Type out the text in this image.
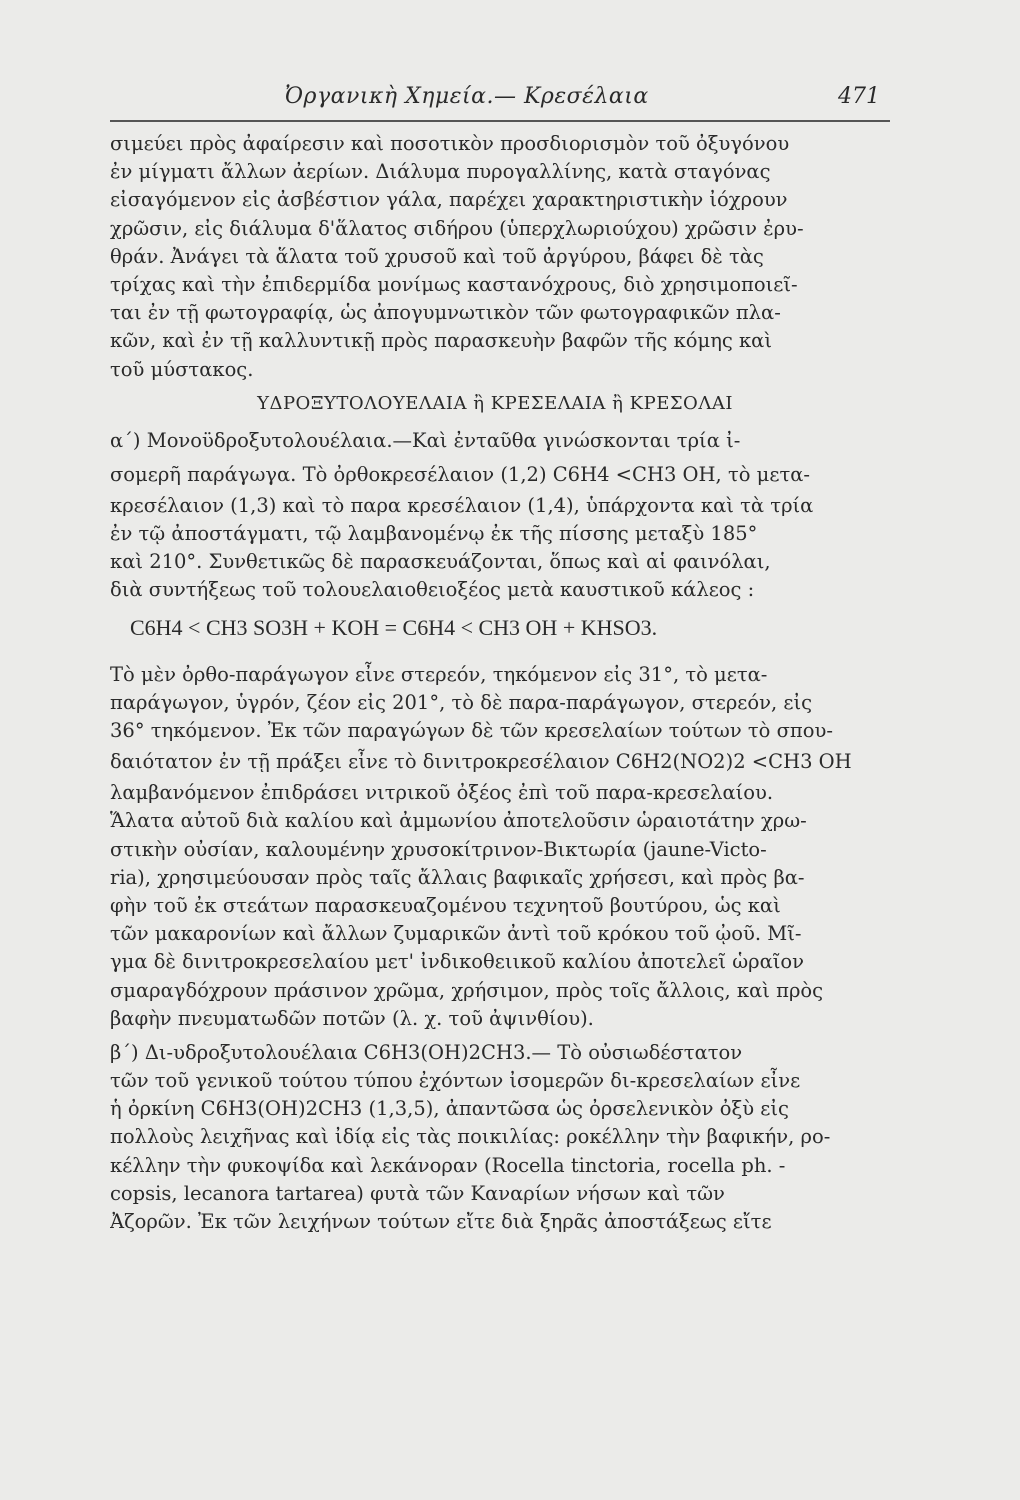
Ὀργανικὴ Χημεία.— Κρεσέλαια	471
σιμεύει πρὸς ἀφαίρεσιν καὶ ποσοτικὸν προσδιορισμὸν τοῦ ὀξυγόνου
ἐν μίγματι ἄλλων ἀερίων. Διάλυμα πυρογαλλίνης, κατὰ σταγόνας
εἰσαγόμενον εἰς ἀσβέστιον γάλα, παρέχει χαρακτηριστικὴν ἰόχρουν
χρῶσιν, εἰς διάλυμα δ'ἅλατος σιδήρου (ὑπερχλωριούχου) χρῶσιν ἐρυ-
θράν. Ἀνάγει τὰ ἅλατα τοῦ χρυσοῦ καὶ τοῦ ἀργύρου, βάφει δὲ τὰς
τρίχας καὶ τὴν ἐπιδερμίδα μονίμως καστανόχρους, διὸ χρησιμοποιεῖ-
ται ἐν τῇ φωτογραφίᾳ, ὡς ἀπογυμνωτικὸν τῶν φωτογραφικῶν πλα-
κῶν, καὶ ἐν τῇ καλλυντικῇ πρὸς παρασκευὴν βαφῶν τῆς κόμης καὶ
τοῦ μύστακος.
ΥΔΡΟΞΥΤΟΛΟΥΕΛΑΙΑ ἢ ΚΡΕΣΕΛΑΙΑ ἢ ΚΡΕΣΟΛΑΙ
α΄) Μονοϋδροξυτολουέλαια.—Καὶ ἐνταῦθα γινώσκονται τρία ἰ-
σομερῆ παράγωγα. Τὸ ὀρθοκρεσέλαιον (1,2) C6H4 <CH3 OH, τὸ μετα-
κρεσέλαιον (1,3) καὶ τὸ παρα κρεσέλαιον (1,4), ὑπάρχοντα καὶ τὰ τρία
ἐν τῷ ἀποστάγματι, τῷ λαμβανομένῳ ἐκ τῆς πίσσης μεταξὺ 185°
καὶ 210°. Συνθετικῶς δὲ παρασκευάζονται, ὅπως καὶ αἱ φαινόλαι,
διὰ συντήξεως τοῦ τολουελαιοθειοξέος μετὰ καυστικοῦ κάλεος :
C6H4 < CH3 SO3H + KOH = C6H4 < CH3 OH + KHSO3.
Τὸ μὲν ὀρθο-παράγωγον εἶνε στερεόν, τηκόμενον εἰς 31°, τὸ μετα-
παράγωγον, ὑγρόν, ζέον εἰς 201°, τὸ δὲ παρα-παράγωγον, στερεόν, εἰς
36° τηκόμενον. Ἐκ τῶν παραγώγων δὲ τῶν κρεσελαίων τούτων τὸ σπου-
δαιότατον ἐν τῇ πράξει εἶνε τὸ δινιτροκρεσέλαιον C6H2(NO2)2 <CH3 OH
λαμβανόμενον ἐπιδράσει νιτρικοῦ ὀξέος ἐπὶ τοῦ παρα-κρεσελαίου.
Ἅλατα αὐτοῦ διὰ καλίου καὶ ἀμμωνίου ἀποτελοῦσιν ὡραιοτάτην χρω-
στικὴν οὐσίαν, καλουμένην χρυσοκίτρινον-Βικτωρία (jaune-Victo-
ria), χρησιμεύουσαν πρὸς ταῖς ἄλλαις βαφικαῖς χρήσεσι, καὶ πρὸς βα-
φὴν τοῦ ἐκ στεάτων παρασκευαζομένου τεχνητοῦ βουτύρου, ὡς καὶ
τῶν μακαρονίων καὶ ἄλλων ζυμαρικῶν ἀντὶ τοῦ κρόκου τοῦ ᾠοῦ. Μῖ-
γμα δὲ δινιτροκρεσελαίου μετ' ἰνδικοθειικοῦ καλίου ἀποτελεῖ ὡραῖον
σμαραγδόχρουν πράσινον χρῶμα, χρήσιμον, πρὸς τοῖς ἄλλοις, καὶ πρὸς
βαφὴν πνευματωδῶν ποτῶν (λ. χ. τοῦ ἀψινθίου).
β΄) Δι-υδροξυτολουέλαια C6H3(OH)2CH3.— Τὸ οὐσιωδέστατον
τῶν τοῦ γενικοῦ τούτου τύπου ἐχόντων ἰσομερῶν δι-κρεσελαίων εἶνε
ἡ ὀρκίνη C6H3(OH)2CH3 (1,3,5), ἀπαντῶσα ὡς ὀρσελενικὸν ὀξὺ εἰς
πολλοὺς λειχῆνας καὶ ἰδίᾳ εἰς τὰς ποικιλίας: ροκέλλην τὴν βαφικήν, ρο-
κέλλην τὴν φυκοψίδα καὶ λεκάνοραν (Rocella tinctoria, rocella ph. -
copsis, lecanora tartarea) φυτὰ τῶν Καναρίων νήσων καὶ τῶν
Ἀζορῶν. Ἐκ τῶν λειχήνων τούτων εἴτε διὰ ξηρᾶς ἀποστάξεως εἴτε
